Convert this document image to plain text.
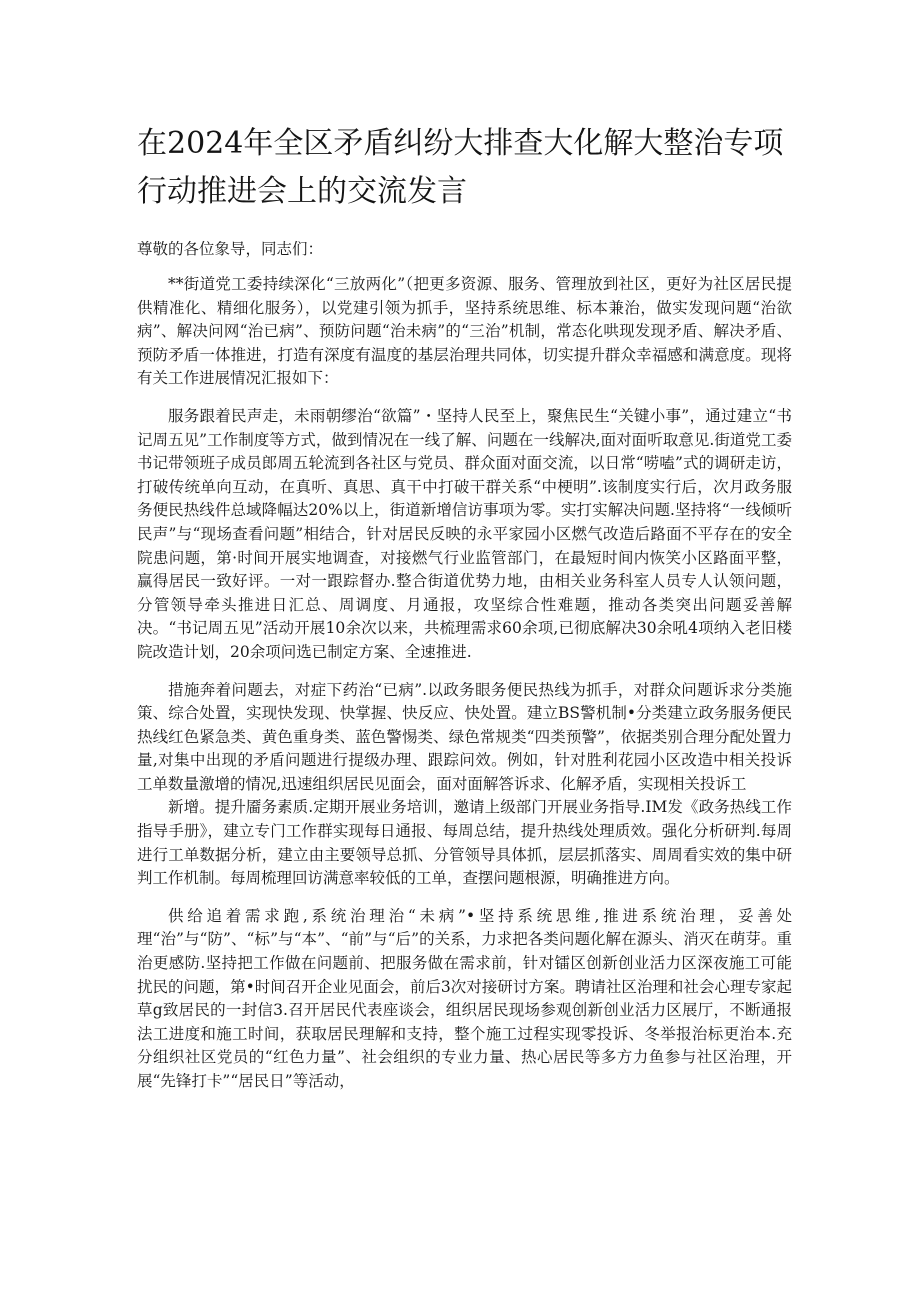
在2024年全区矛盾纠纷大排查大化解大整治专项行动推进会上的交流发言

尊敬的各位象导，同志们：

**街道党工委持续深化“三放两化”（把更多资源、服务、管理放到社区，更好为社区居民提供精准化、精细化服务），以党建引领为抓手，坚持系统思维、标本兼治，做实发现问题“治欲病”、解决问网“治已病”、预防问题“治未病”的“三治”机制，常态化哄现发现矛盾、解决矛盾、预防矛盾一体推进，打造有深度有温度的基层治理共同体，切实提升群众幸福感和满意度。现将有关工作进展情况汇报如下：

服务跟着民声走，未雨朝缪治“欲篇”・坚持人民至上，聚焦民生“关键小事”，通过建立“书记周五见”工作制度等方式，做到情况在一线了解、问题在一线解决,面对面听取意见.街道党工委书记带领班子成员郎周五轮流到各社区与党员、群众面对面交流，以日常“唠嗑”式的调研走访，打破传统单向互动，在真听、真思、真干中打破干群关系“中梗明”.该制度实行后，次月政务服务便民热线件总域降幅达20%以上，街道新增信访事项为零。实打实解决问题.坚持将“一线倾听民声”与“现场查看问题”相结合，针对居民反映的永平家园小区燃气改造后路面不平存在的安全院患问题，第·时间开展实地调查，对接燃气行业监管部门，在最短时间内恢笑小区路面平整，赢得居民一致好评。一对一跟踪督办.整合街道优势力地，由相关业务科室人员专人认领问题，分管领导牵头推进日汇总、周调度、月通报，攻坚综合性难题，推动各类突出问题妥善解决。“书记周五见”活动开展10余次以来，共梳理需求60余项,已彻底解决30余吼4项纳入老旧楼院改造计划，20余项问选已制定方案、全速推进.

措施奔着问题去，对症下药治“已病”.以政务眼务便民热线为抓手，对群众问题诉求分类施策、综合处置，实现快发现、快掌握、快反应、快处置。建立BS警机制•分类建立政务服务便民热线红色紧急类、黄色重身类、蓝色警惕类、绿色常规类“四类预警”，依据类别合理分配处置力量,对集中出现的矛盾问题进行提级办理、跟踪问效。例如，针对胜利花园小区改造中相关投诉工单数量激增的情况,迅速组织居民见面会，面对面解答诉求、化解矛盾，实现相关投诉工

新增。提升靥务素质.定期开展业务培训，邀请上级部门开展业务指导.IM发《政务热线工作指导手册》，建立专门工作群实现每日通报、每周总结，提升热线处理质效。强化分析研判.每周进行工单数据分析，建立由主要领导总抓、分管领导具体抓，层层抓落实、周周看实效的集中研判工作机制。每周梳理回访满意率较低的工单，查摆问题根源，明确推进方向。

供给追着需求跑,系统治理治“未病”•坚持系统思维,推进系统治理，妥善处理“治”与“防”、“标”与“本”、“前”与“后”的关系，力求把各类问题化解在源头、消灭在萌芽。重治更感防.坚持把工作做在问题前、把服务做在需求前，针对镭区创新创业活力区深夜施工可能扰民的问题，第•时间召开企业见面会，前后3次对接研讨方案。聘请社区治理和社会心理专家起草g致居民的一封信3.召开居民代表座谈会，组织居民现场参观创新创业活力区展厅，不断通报法工进度和施工时间，获取居民理解和支持，整个施工过程实现零投诉、冬举报治标更治本.充分组织社区党员的“红色力量”、社会组织的专业力量、热心居民等多方力鱼参与社区治理，开展“先锋打卡”“居民日”等活动，
